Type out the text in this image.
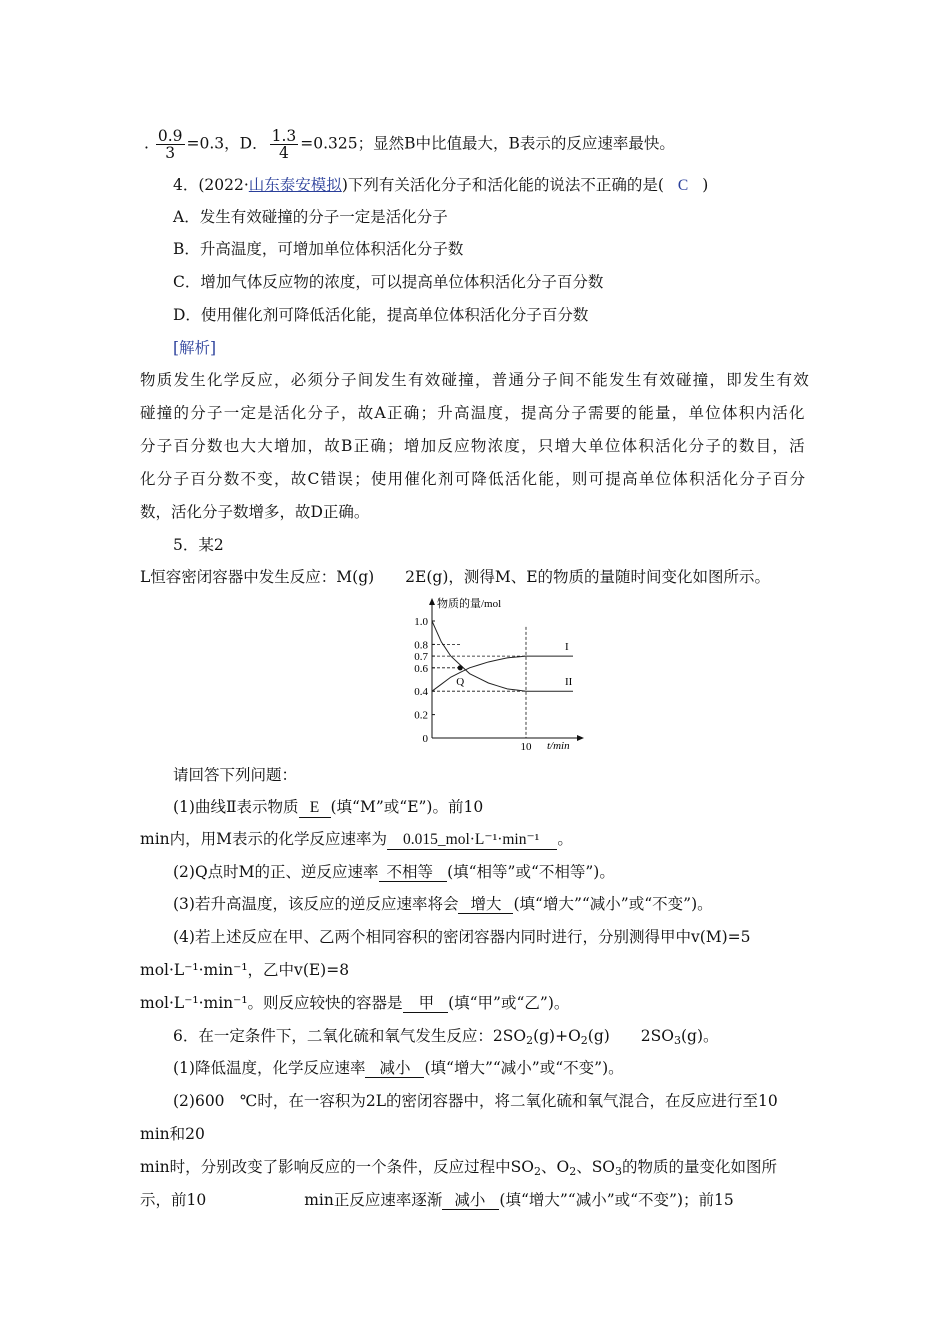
. $\frac{0.9}{3} =0.3$，D． $\frac{1.3}{4} =0.325$；显然B中比值最大，B表示的反应速率最快。
4．(2022·山东泰安模拟)下列有关活化分子和活化能的说法不正确的是( C )
A．发生有效碰撞的分子一定是活化分子
B．升高温度，可增加单位体积活化分子数
C．增加气体反应物的浓度，可以提高单位体积活化分子百分数
D．使用催化剂可降低活化能，提高单位体积活化分子百分数
[解析]
物质发生化学反应，必须分子间发生有效碰撞，普通分子间不能发生有效碰撞，即发生有效
碰撞的分子一定是活化分子，故A正确；升高温度，提高分子需要的能量，单位体积内活化
分子百分数也大大增加，故B正确；增加反应物浓度，只增大单位体积活化分子的数目，活
化分子百分数不变，故C错误；使用催化剂可降低活化能，则可提高单位体积活化分子百分
数，活化分子数增多，故D正确。
5．某2
L恒容密闭容器中发生反应：M(g)　　2E(g)，测得M、E的物质的量随时间变化如图所示。
物质的量/mol
t/min
1.0
0.8
0.7
0.6
0.4
0.2
0
10
I
II
Q
请回答下列问题：
(1)曲线Ⅱ表示物质 E (填“M”或“E”)。前10
min内，用M表示的化学反应速率为 0.015_mol·L⁻¹·min⁻¹ 。
(2)Q点时M的正、逆反应速率 不相等 (填“相等”或“不相等”)。
(3)若升高温度，该反应的逆反应速率将会 增大 (填“增大”“减小”或“不变”)。
(4)若上述反应在甲、乙两个相同容积的密闭容器内同时进行，分别测得甲中v(M)=5
mol·L⁻¹·min⁻¹，乙中v(E)=8
mol·L⁻¹·min⁻¹。则反应较快的容器是 甲 (填“甲”或“乙”)。
6．在一定条件下，二氧化硫和氧气发生反应：$2SO_2(g)+O_2(g)$　　$2SO_3(g)$。
(1)降低温度，化学反应速率 减小 (填“增大”“减小”或“不变”)。
(2)600　℃时，在一容积为2L的密闭容器中，将二氧化硫和氧气混合，在反应进行至10
min和20
min时，分别改变了影响反应的一个条件，反应过程中$SO_2$、$O_2$、$SO_3$的物质的量变化如图所
示，前10	min正反应速率逐渐 减小 (填“增大”“减小”或“不变”)；前15
